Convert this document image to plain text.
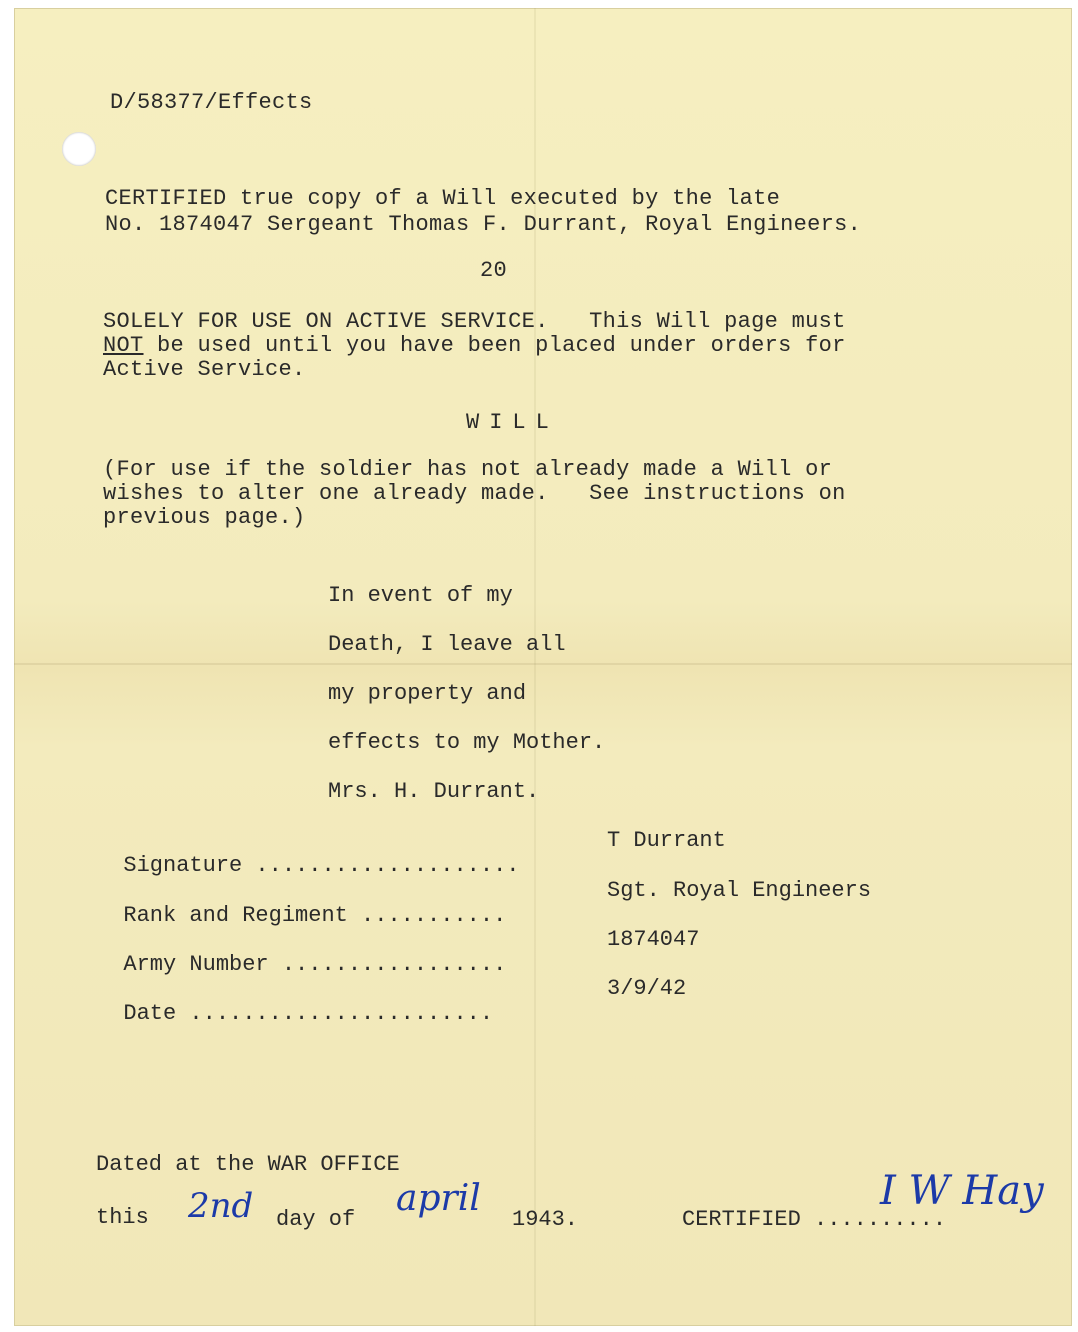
D/58377/Effects
CERTIFIED true copy of a Will executed by the late
No. 1874047 Sergeant Thomas F. Durrant, Royal Engineers.
20
SOLELY FOR USE ON ACTIVE SERVICE.   This Will page must
NOT be used until you have been placed under orders for
Active Service.
WILL
(For use if the soldier has not already made a Will or
wishes to alter one already made.   See instructions on
previous page.)
In event of my
Death, I leave all
my property and
effects to my Mother.
Mrs. H. Durrant.

Signature ....................

T Durrant

Rank and Regiment ...........

Sgt. Royal Engineers

Army Number .................

1874047

Date .......................

3/9/42

Dated at the WAR OFFICE
this 2nd day of
april
1943.	CERTIFIED ..........
I W Hay
